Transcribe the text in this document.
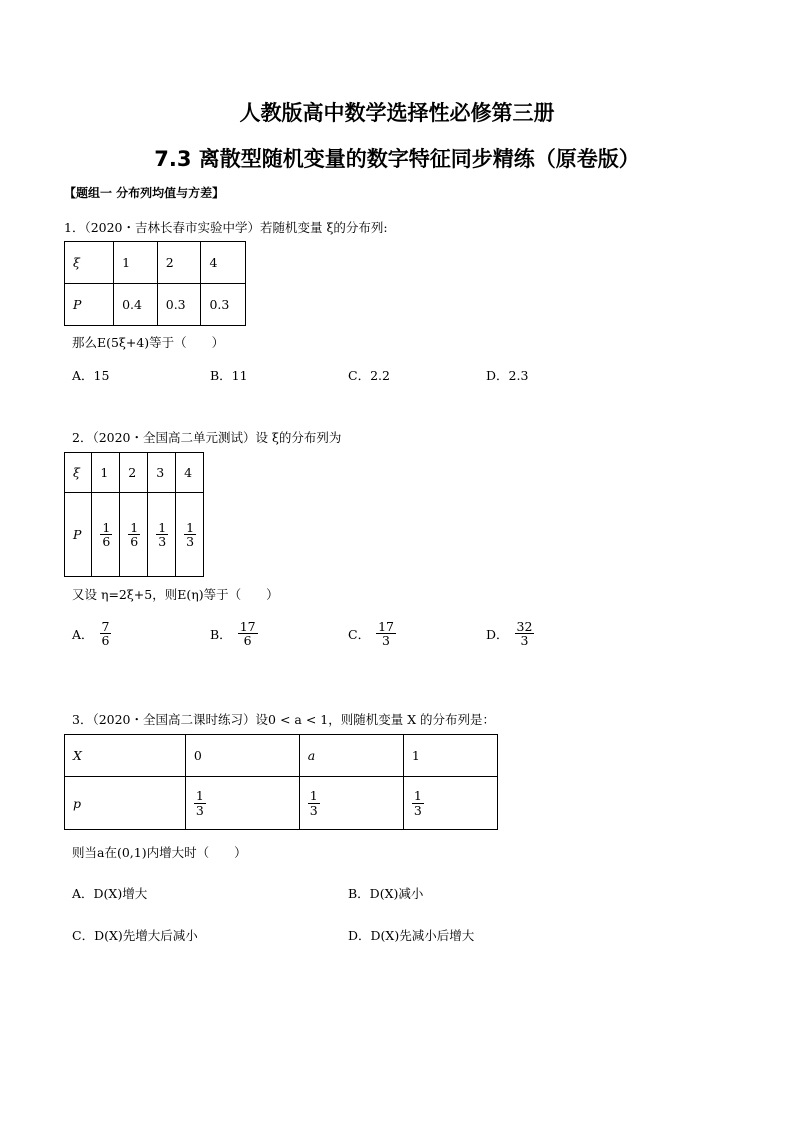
人教版高中数学选择性必修第三册
7.3 离散型随机变量的数字特征同步精练（原卷版）
【题组一 分布列均值与方差】
1．（2020・吉林长春市实验中学）若随机变量 ξ的分布列:
ξ	1	2	4
P	0.4	0.3	0.3
那么E(5ξ+4)等于（　　）
A．15	B．11	C．2.2	D．2.3
2．（2020・全国高二单元测试）设 ξ的分布列为
ξ	1	2	3	4
P	$\frac{1}{6}$	$\frac{1}{6}$	$\frac{1}{3}$	$\frac{1}{3}$
又设 η=2ξ+5，则E(η)等于（　　）
A． $\frac{7}{6}$	B． $\frac{17}{6}$	C． $\frac{17}{3}$	D． $\frac{32}{3}$
3．（2020・全国高二课时练习）设0 < a < 1，则随机变量 X 的分布列是：
X	0	a	1
p	$\frac{1}{3}$	$\frac{1}{3}$	$\frac{1}{3}$
则当a在(0,1)内增大时（　　）
A．D(X)增大	B．D(X)减小
C．D(X)先增大后减小	D．D(X)先减小后增大
